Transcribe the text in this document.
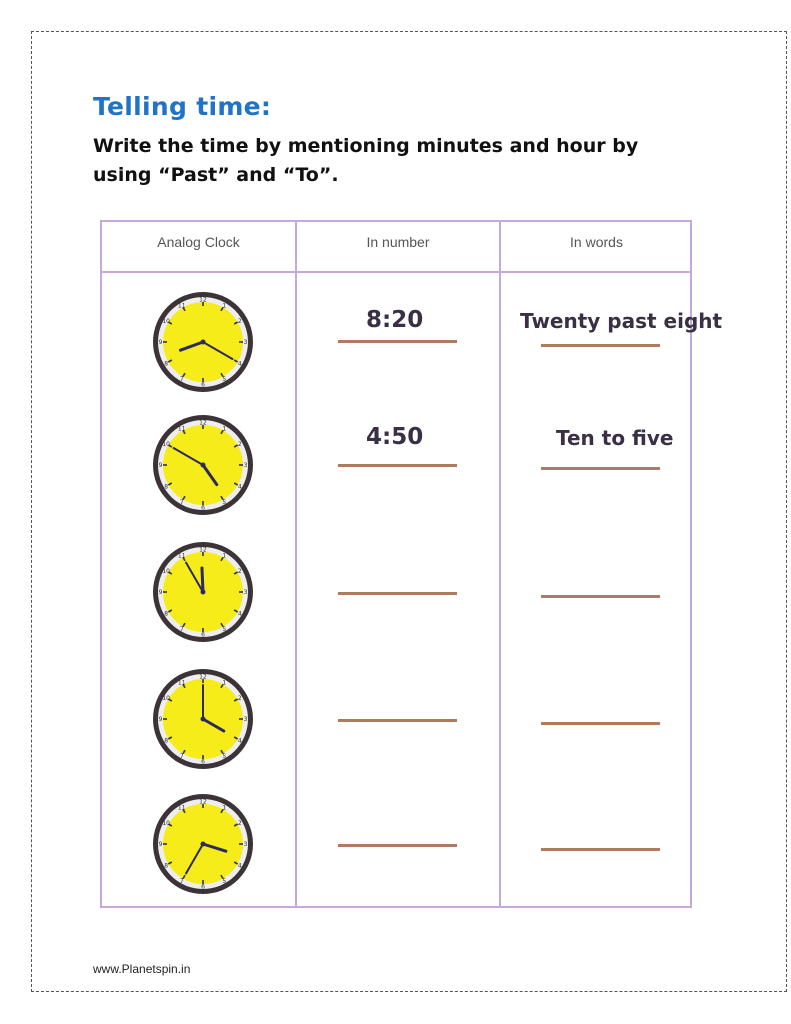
Telling time:
Write the time by mentioning minutes and hour by using “Past” and “To”.
Analog Clock	In number	In words
1
2
3
4
5
6
7
8
9
10
11
12
8:20	Twenty past eight
1
2
3
4
5
6
7
8
9
10
11
12
4:50	Ten to five
1
2
3
4
5
6
7
8
9
10
11
12
1
2
3
4
5
6
7
8
9
10
11
12
1
2
3
4
5
6
7
8
9
10
11
12
www.Planetspin.in
